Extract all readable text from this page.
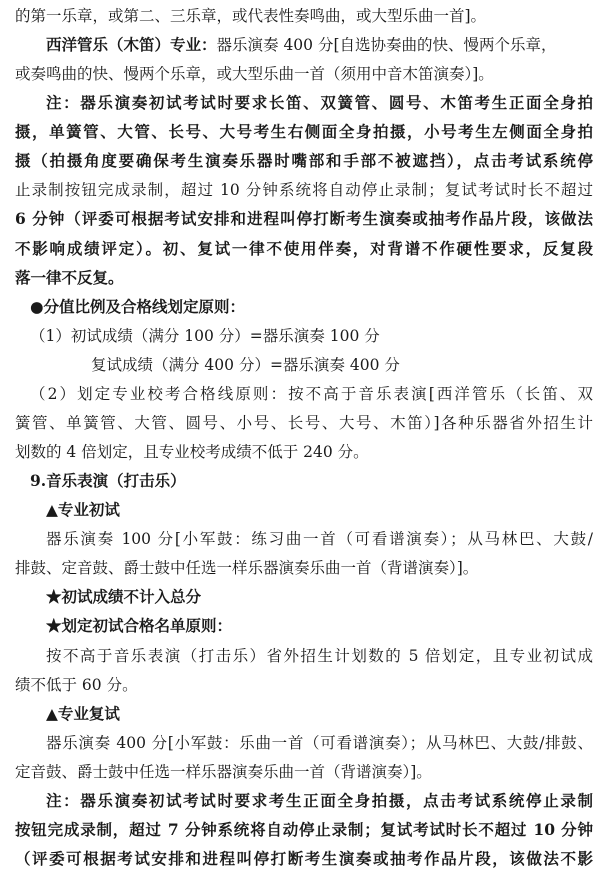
的第一乐章，或第二、三乐章，或代表性奏鸣曲，或大型乐曲一首]。
西洋管乐（木笛）专业：器乐演奏 400 分[自选协奏曲的快、慢两个乐章，
或奏鸣曲的快、慢两个乐章，或大型乐曲一首（须用中音木笛演奏）]。
注：器乐演奏初试考试时要求长笛、双簧管、圆号、木笛考生正面全身拍
摄，单簧管、大管、长号、大号考生右侧面全身拍摄，小号考生左侧面全身拍
摄（拍摄角度要确保考生演奏乐器时嘴部和手部不被遮挡），点击考试系统停
止录制按钮完成录制，超过 10 分钟系统将自动停止录制；复试考试时长不超过
6 分钟（评委可根据考试安排和进程叫停打断考生演奏或抽考作品片段，该做法
不影响成绩评定）。初、复试一律不使用伴奏，对背谱不作硬性要求，反复段
落一律不反复。
●分值比例及合格线划定原则：
（1）初试成绩（满分 100 分）=器乐演奏 100 分
复试成绩（满分 400 分）=器乐演奏 400 分
（2）划定专业校考合格线原则：按不高于音乐表演[西洋管乐（长笛、双
簧管、单簧管、大管、圆号、小号、长号、大号、木笛）]各种乐器省外招生计
划数的 4 倍划定，且专业校考成绩不低于 240 分。
9.音乐表演（打击乐）
▲专业初试
器乐演奏 100 分[小军鼓：练习曲一首（可看谱演奏）；从马林巴、大鼓/
排鼓、定音鼓、爵士鼓中任选一样乐器演奏乐曲一首（背谱演奏）]。
★初试成绩不计入总分
★划定初试合格名单原则：
按不高于音乐表演（打击乐）省外招生计划数的 5 倍划定，且专业初试成
绩不低于 60 分。
▲专业复试
器乐演奏 400 分[小军鼓：乐曲一首（可看谱演奏）；从马林巴、大鼓/排鼓、
定音鼓、爵士鼓中任选一样乐器演奏乐曲一首（背谱演奏）]。
注：器乐演奏初试考试时要求考生正面全身拍摄，点击考试系统停止录制
按钮完成录制，超过 7 分钟系统将自动停止录制；复试考试时长不超过 10 分钟
（评委可根据考试安排和进程叫停打断考生演奏或抽考作品片段，该做法不影
